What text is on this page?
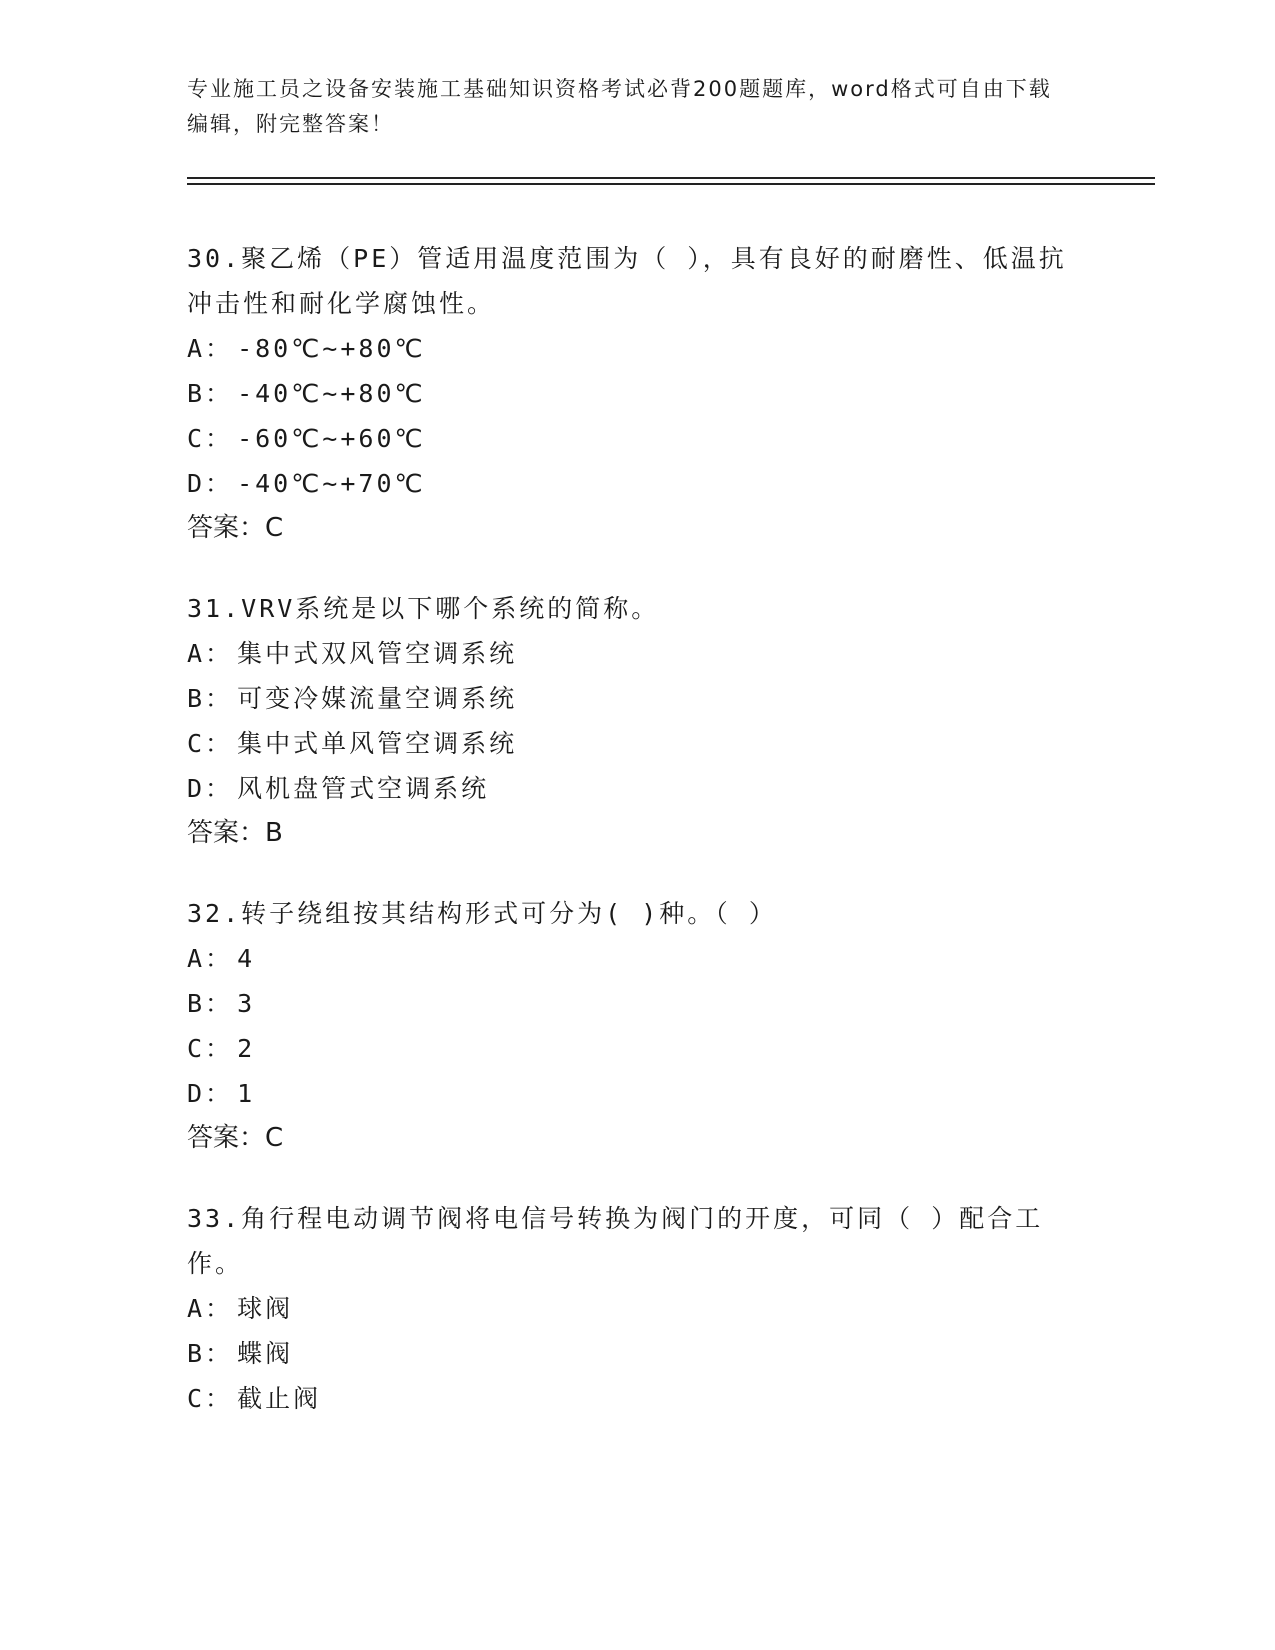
专业施工员之设备安装施工基础知识资格考试必背200题题库，word格式可自由下载编辑，附完整答案！

30.聚乙烯（PE）管适用温度范围为（ ），具有良好的耐磨性、低温抗冲击性和耐化学腐蚀性。

A： -80℃~+80℃

B： -40℃~+80℃

C： -60℃~+60℃

D： -40℃~+70℃

答案：C

31.VRV系统是以下哪个系统的简称。

A： 集中式双风管空调系统

B： 可变冷媒流量空调系统

C： 集中式单风管空调系统

D： 风机盘管式空调系统

答案：B

32.转子绕组按其结构形式可分为( )种。（ ）

A： 4

B： 3

C： 2

D： 1

答案：C

33.角行程电动调节阀将电信号转换为阀门的开度，可同（ ）配合工作。

A： 球阀

B： 蝶阀

C： 截止阀
